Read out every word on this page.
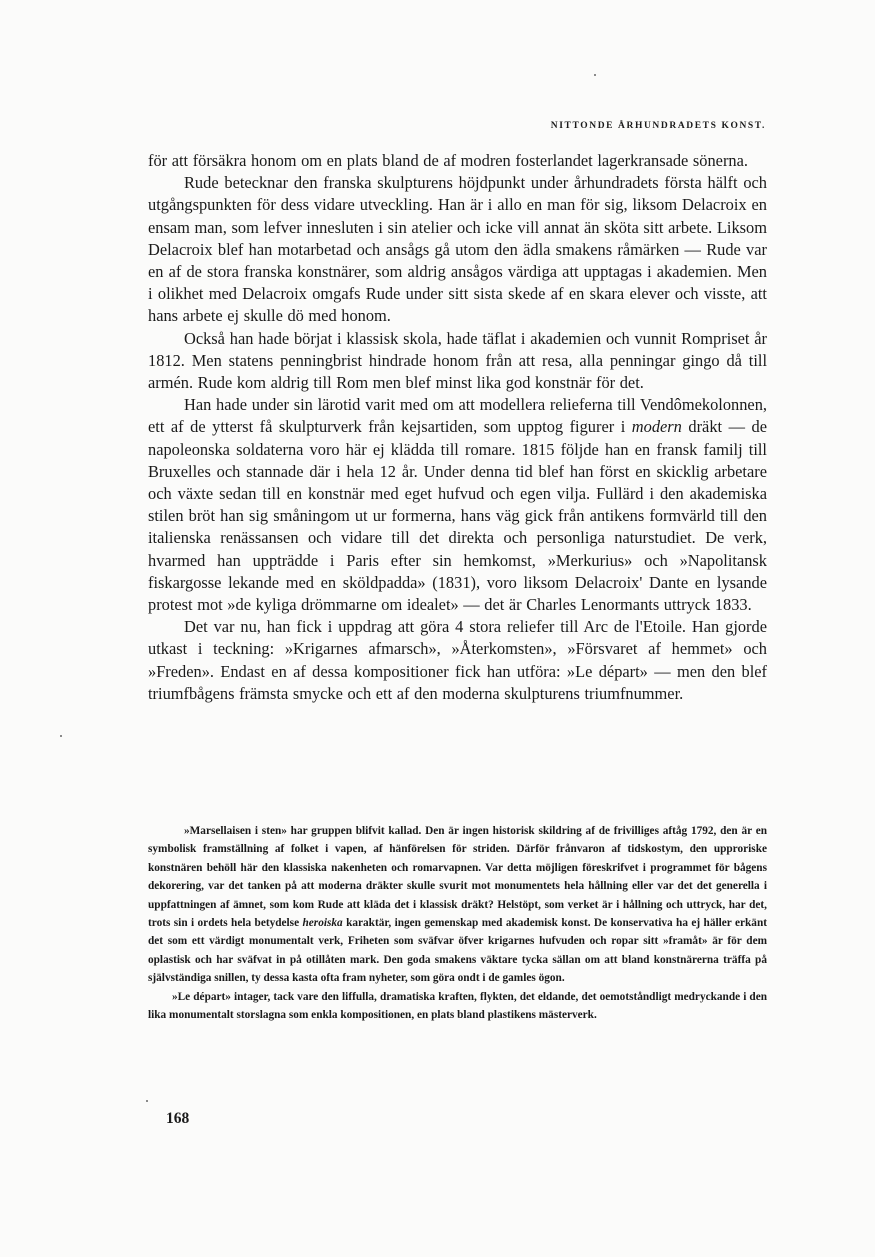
NITTONDE ÅRHUNDRADETS KONST.

för att försäkra honom om en plats bland de af modren fosterlandet lagerkransade sönerna.

Rude betecknar den franska skulpturens höjdpunkt under århundradets första hälft och utgångspunkten för dess vidare utveckling. Han är i allo en man för sig, liksom Delacroix en ensam man, som lefver innesluten i sin atelier och icke vill annat än sköta sitt arbete. Liksom Delacroix blef han motarbetad och ansågs gå utom den ädla smakens råmärken — Rude var en af de stora franska konstnärer, som aldrig ansågos värdiga att upptagas i akademien. Men i olikhet med Delacroix omgafs Rude under sitt sista skede af en skara elever och visste, att hans arbete ej skulle dö med honom.

Också han hade börjat i klassisk skola, hade täflat i akademien och vunnit Rompriset år 1812. Men statens penningbrist hindrade honom från att resa, alla penningar gingo då till armén. Rude kom aldrig till Rom men blef minst lika god konstnär för det.

Han hade under sin lärotid varit med om att modellera relieferna till Vendômekolonnen, ett af de ytterst få skulpturverk från kejsartiden, som upptog figurer i modern dräkt — de napoleonska soldaterna voro här ej klädda till romare. 1815 följde han en fransk familj till Bruxelles och stannade där i hela 12 år. Under denna tid blef han först en skicklig arbetare och växte sedan till en konstnär med eget hufvud och egen vilja. Fullärd i den akademiska stilen bröt han sig småningom ut ur formerna, hans väg gick från antikens formvärld till den italienska renässansen och vidare till det direkta och personliga naturstudiet. De verk, hvarmed han uppträdde i Paris efter sin hemkomst, »Merkurius» och »Napolitansk fiskargosse lekande med en sköldpadda» (1831), voro liksom Delacroix' Dante en lysande protest mot »de kyliga drömmarne om idealet» — det är Charles Lenormants uttryck 1833.

Det var nu, han fick i uppdrag att göra 4 stora reliefer till Arc de l'Etoile. Han gjorde utkast i teckning: »Krigarnes afmarsch», »Återkomsten», »Försvaret af hemmet» och »Freden». Endast en af dessa kompositioner fick han utföra: »Le départ» — men den blef triumfbågens främsta smycke och ett af den moderna skulpturens triumfnummer.

»Marsellaisen i sten» har gruppen blifvit kallad. Den är ingen historisk skildring af de frivilliges aftåg 1792, den är en symbolisk framställning af folket i vapen, af hänförelsen för striden. Därför frånvaron af tidskostym, den upproriske konstnären behöll här den klassiska nakenheten och romarvapnen. Var detta möjligen föreskrifvet i programmet för bågens dekorering, var det tanken på att moderna dräkter skulle svurit mot monumentets hela hållning eller var det det generella i uppfattningen af ämnet, som kom Rude att kläda det i klassisk dräkt? Helstöpt, som verket är i hållning och uttryck, har det, trots sin i ordets hela betydelse heroiska karaktär, ingen gemenskap med akademisk konst. De konservativa ha ej häller erkänt det som ett värdigt monumentalt verk, Friheten som sväfvar öfver krigarnes hufvuden och ropar sitt »framåt» är för dem oplastisk och har sväfvat in på otillåten mark. Den goda smakens väktare tycka sällan om att bland konstnärerna träffa på självständiga snillen, ty dessa kasta ofta fram nyheter, som göra ondt i de gamles ögon.

»Le départ» intager, tack vare den liffulla, dramatiska kraften, flykten, det eldande, det oemotståndligt medryckande i den lika monumentalt storslagna som enkla kompositionen, en plats bland plastikens mästerverk.

168
